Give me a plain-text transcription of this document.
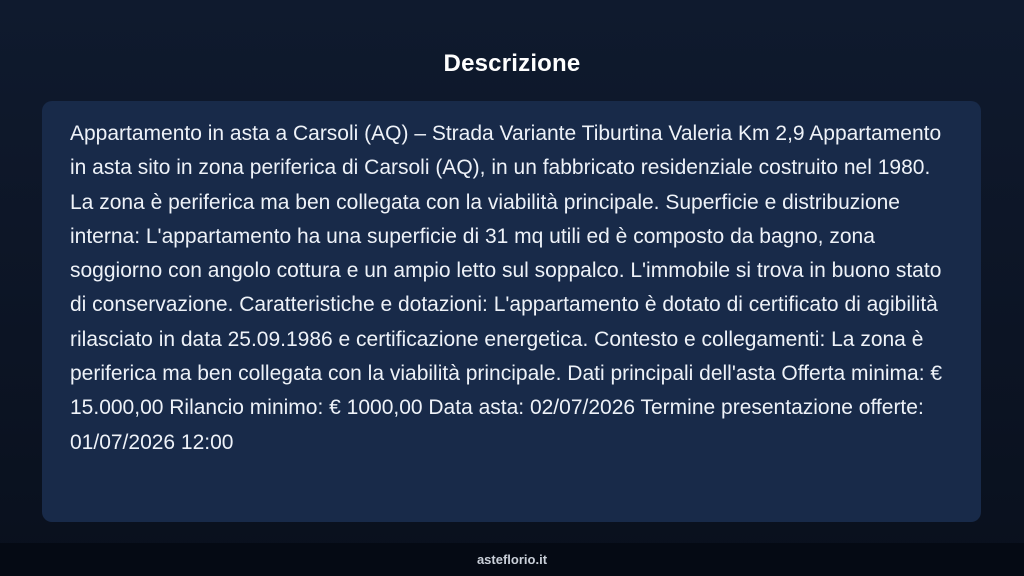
Descrizione

Appartamento in asta a Carsoli (AQ) – Strada Variante Tiburtina Valeria Km 2,9 Appartamento in asta sito in zona periferica di Carsoli (AQ), in un fabbricato residenziale costruito nel 1980. La zona è periferica ma ben collegata con la viabilità principale. Superficie e distribuzione interna: L'appartamento ha una superficie di 31 mq utili ed è composto da bagno, zona soggiorno con angolo cottura e un ampio letto sul soppalco. L'immobile si trova in buono stato di conservazione. Caratteristiche e dotazioni: L'appartamento è dotato di certificato di agibilità rilasciato in data 25.09.1986 e certificazione energetica. Contesto e collegamenti: La zona è periferica ma ben collegata con la viabilità principale. Dati principali dell'asta Offerta minima: € 15.000,00 Rilancio minimo: € 1000,00 Data asta: 02/07/2026 Termine presentazione offerte: 01/07/2026 12:00

asteflorio.it
